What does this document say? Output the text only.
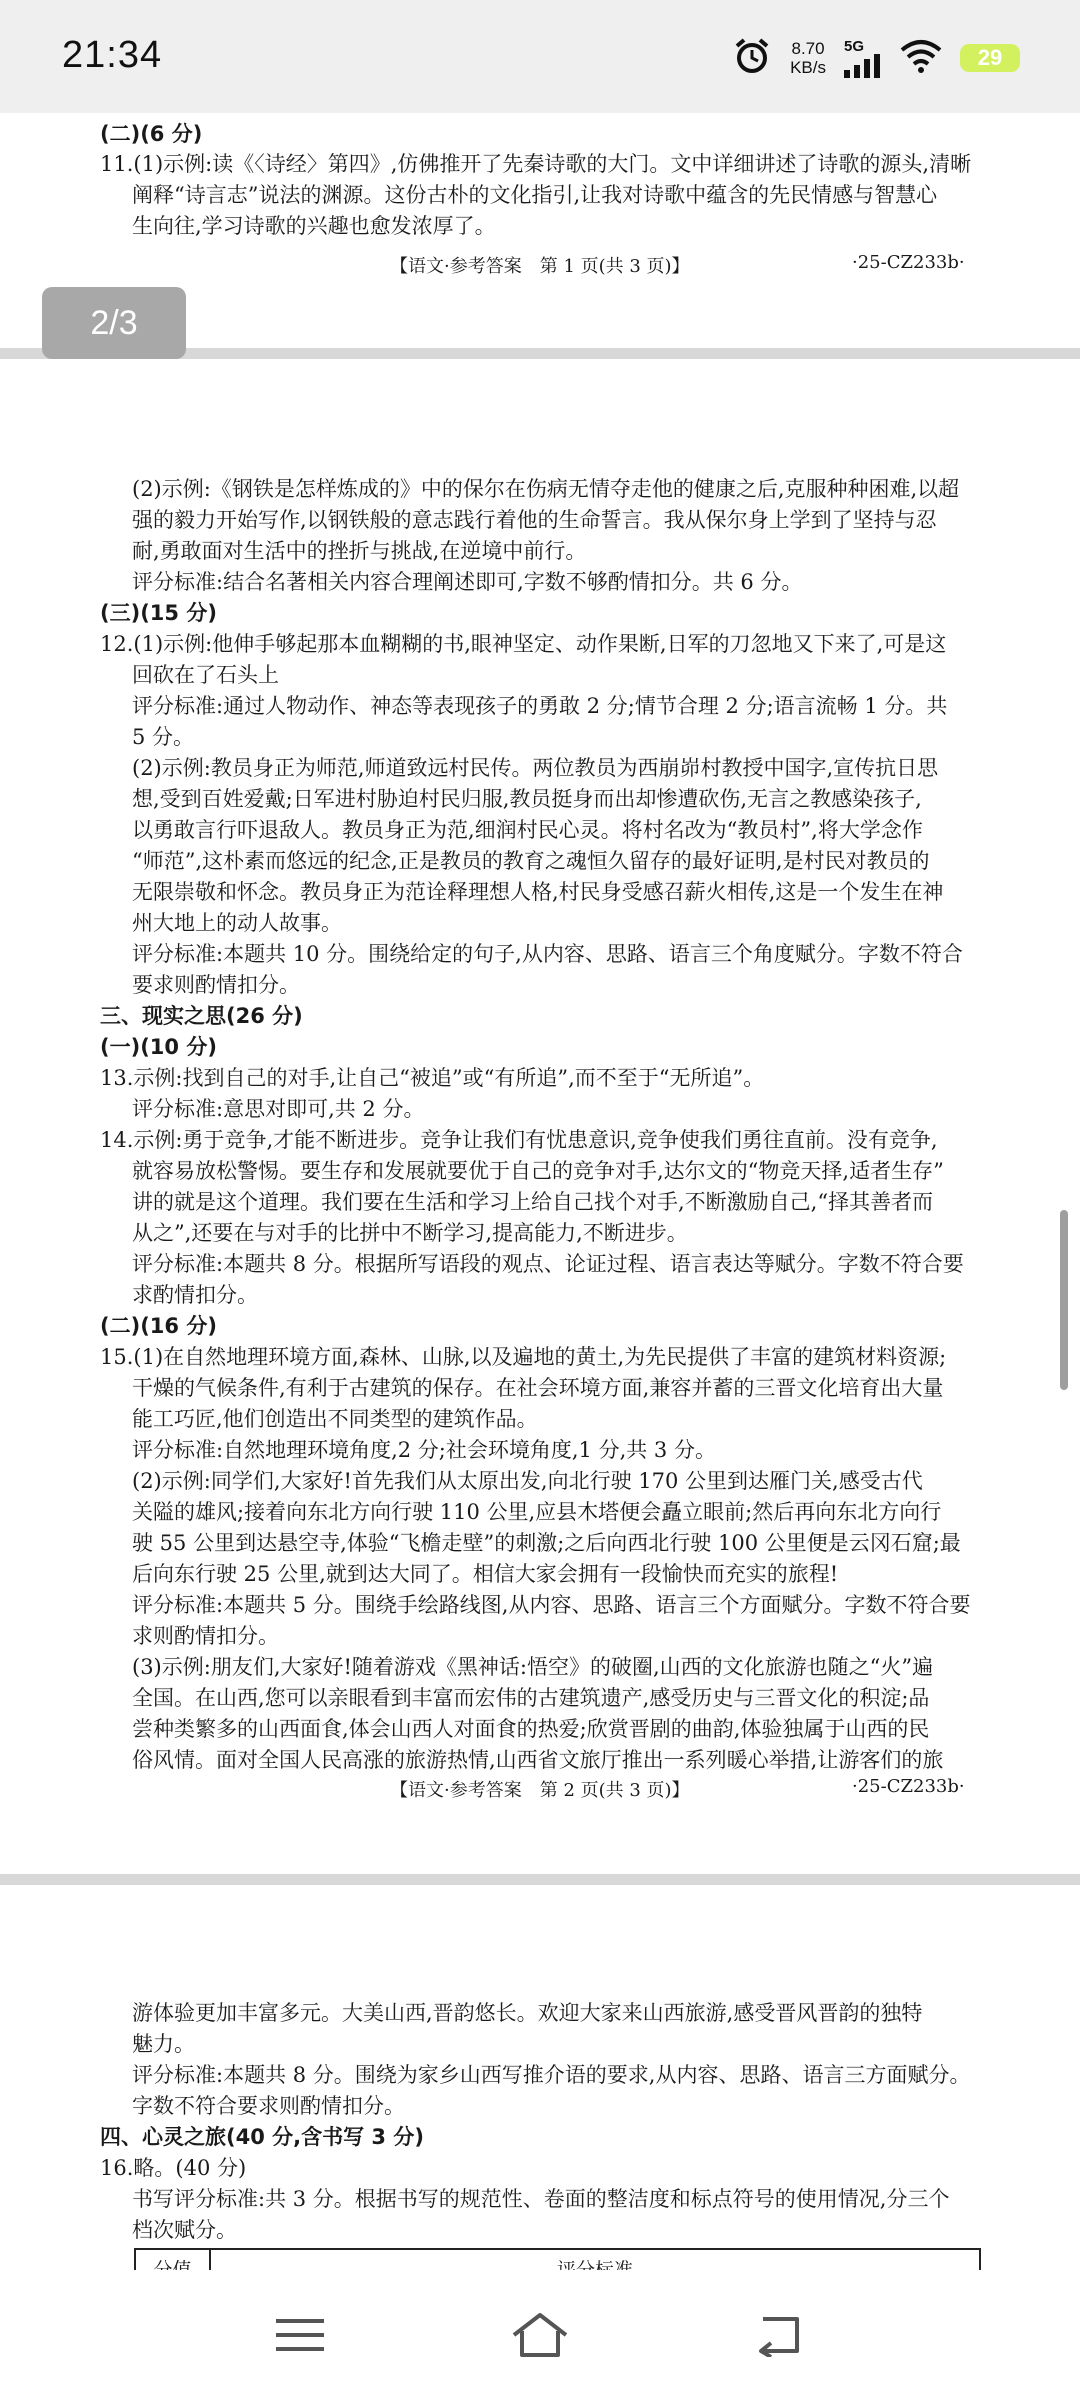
21:34	8.70
KB/s
5G	29
(二)(6 分)
11.(1)示例:读《〈诗经〉第四》,仿佛推开了先秦诗歌的大门。文中详细讲述了诗歌的源头,清晰
阐释“诗言志”说法的渊源。这份古朴的文化指引,让我对诗歌中蕴含的先民情感与智慧心
生向往,学习诗歌的兴趣也愈发浓厚了。
【语文·参考答案　第 1 页(共 3 页)】	·25-CZ233b·
2/3
(2)示例:《钢铁是怎样炼成的》中的保尔在伤病无情夺走他的健康之后,克服种种困难,以超
强的毅力开始写作,以钢铁般的意志践行着他的生命誓言。我从保尔身上学到了坚持与忍
耐,勇敢面对生活中的挫折与挑战,在逆境中前行。
评分标准:结合名著相关内容合理阐述即可,字数不够酌情扣分。共 6 分。
(三)(15 分)
12.(1)示例:他伸手够起那本血糊糊的书,眼神坚定、动作果断,日军的刀忽地又下来了,可是这
回砍在了石头上
评分标准:通过人物动作、神态等表现孩子的勇敢 2 分;情节合理 2 分;语言流畅 1 分。共
5 分。
(2)示例:教员身正为师范,师道致远村民传。两位教员为西崩峁村教授中国字,宣传抗日思
想,受到百姓爱戴;日军进村胁迫村民归服,教员挺身而出却惨遭砍伤,无言之教感染孩子,
以勇敢言行吓退敌人。教员身正为范,细润村民心灵。将村名改为“教员村”,将大学念作
“师范”,这朴素而悠远的纪念,正是教员的教育之魂恒久留存的最好证明,是村民对教员的
无限崇敬和怀念。教员身正为范诠释理想人格,村民身受感召薪火相传,这是一个发生在神
州大地上的动人故事。
评分标准:本题共 10 分。围绕给定的句子,从内容、思路、语言三个角度赋分。字数不符合
要求则酌情扣分。
三、现实之思(26 分)
(一)(10 分)
13.示例:找到自己的对手,让自己“被追”或“有所追”,而不至于“无所追”。
评分标准:意思对即可,共 2 分。
14.示例:勇于竞争,才能不断进步。竞争让我们有忧患意识,竞争使我们勇往直前。没有竞争,
就容易放松警惕。要生存和发展就要优于自己的竞争对手,达尔文的“物竞天择,适者生存”
讲的就是这个道理。我们要在生活和学习上给自己找个对手,不断激励自己,“择其善者而
从之”,还要在与对手的比拼中不断学习,提高能力,不断进步。
评分标准:本题共 8 分。根据所写语段的观点、论证过程、语言表达等赋分。字数不符合要
求酌情扣分。
(二)(16 分)
15.(1)在自然地理环境方面,森林、山脉,以及遍地的黄土,为先民提供了丰富的建筑材料资源;
干燥的气候条件,有利于古建筑的保存。在社会环境方面,兼容并蓄的三晋文化培育出大量
能工巧匠,他们创造出不同类型的建筑作品。
评分标准:自然地理环境角度,2 分;社会环境角度,1 分,共 3 分。
(2)示例:同学们,大家好!首先我们从太原出发,向北行驶 170 公里到达雁门关,感受古代
关隘的雄风;接着向东北方向行驶 110 公里,应县木塔便会矗立眼前;然后再向东北方向行
驶 55 公里到达悬空寺,体验“飞檐走壁”的刺激;之后向西北行驶 100 公里便是云冈石窟;最
后向东行驶 25 公里,就到达大同了。相信大家会拥有一段愉快而充实的旅程!
评分标准:本题共 5 分。围绕手绘路线图,从内容、思路、语言三个方面赋分。字数不符合要
求则酌情扣分。
(3)示例:朋友们,大家好!随着游戏《黑神话:悟空》的破圈,山西的文化旅游也随之“火”遍
全国。在山西,您可以亲眼看到丰富而宏伟的古建筑遗产,感受历史与三晋文化的积淀;品
尝种类繁多的山西面食,体会山西人对面食的热爱;欣赏晋剧的曲韵,体验独属于山西的民
俗风情。面对全国人民高涨的旅游热情,山西省文旅厅推出一系列暖心举措,让游客们的旅
【语文·参考答案　第 2 页(共 3 页)】	·25-CZ233b·
游体验更加丰富多元。大美山西,晋韵悠长。欢迎大家来山西旅游,感受晋风晋韵的独特
魅力。
评分标准:本题共 8 分。围绕为家乡山西写推介语的要求,从内容、思路、语言三方面赋分。
字数不符合要求则酌情扣分。
四、心灵之旅(40 分,含书写 3 分)
16.略。(40 分)
书写评分标准:共 3 分。根据书写的规范性、卷面的整洁度和标点符号的使用情况,分三个
档次赋分。
